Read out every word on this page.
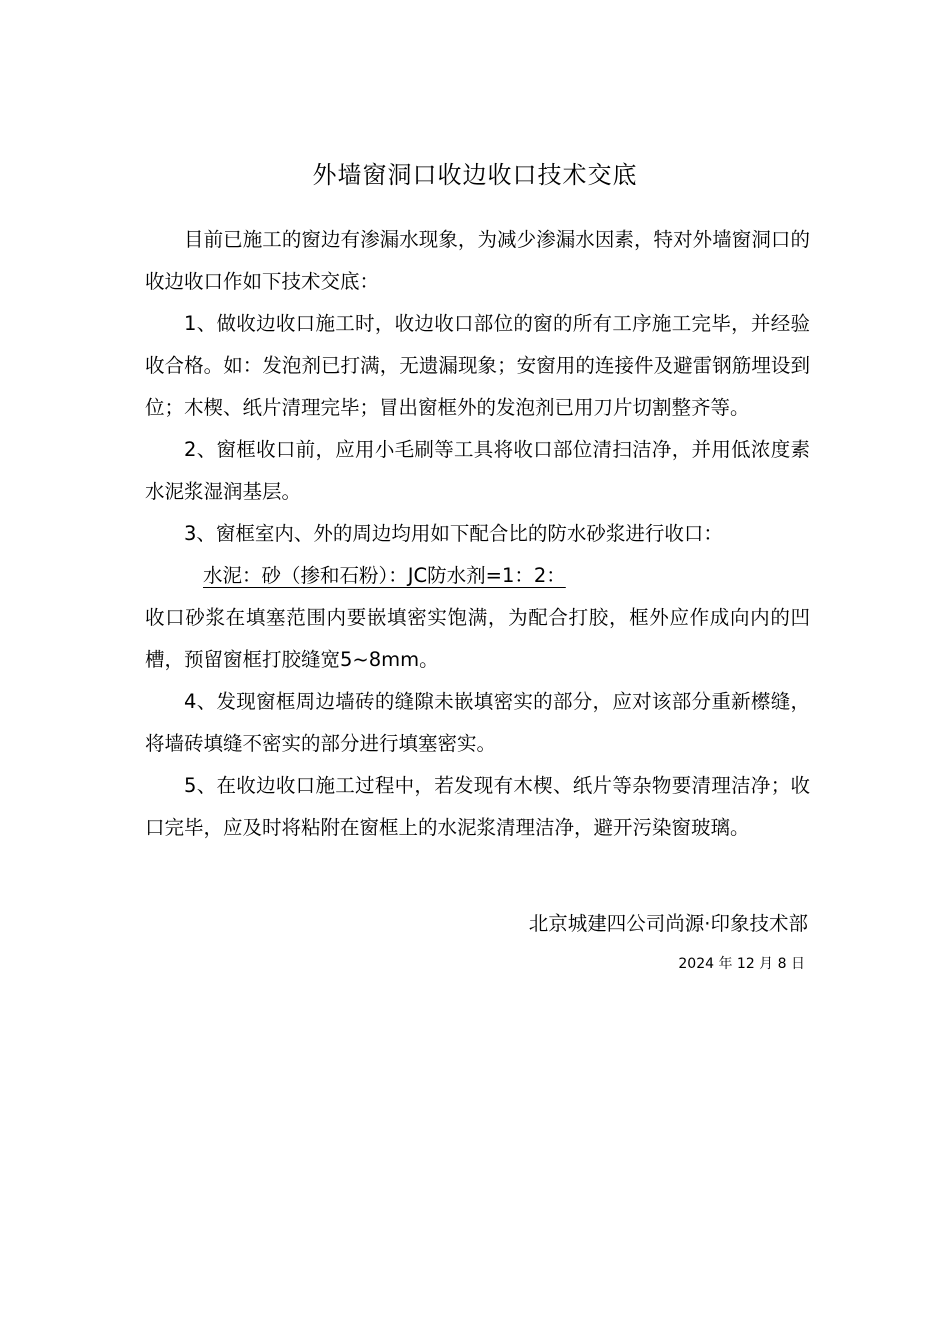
外墙窗洞口收边收口技术交底

目前已施工的窗边有渗漏水现象，为减少渗漏水因素，特对外墙窗洞口的收边收口作如下技术交底：

1、做收边收口施工时，收边收口部位的窗的所有工序施工完毕，并经验收合格。如：发泡剂已打满，无遗漏现象；安窗用的连接件及避雷钢筋埋设到位；木楔、纸片清理完毕；冒出窗框外的发泡剂已用刀片切割整齐等。

2、窗框收口前，应用小毛刷等工具将收口部位清扫洁净，并用低浓度素水泥浆湿润基层。

3、窗框室内、外的周边均用如下配合比的防水砂浆进行收口：

水泥：砂（掺和石粉）：JC防水剂=1：2：

收口砂浆在填塞范围内要嵌填密实饱满，为配合打胶，框外应作成向内的凹槽，预留窗框打胶缝宽5~8mm。

4、发现窗框周边墙砖的缝隙未嵌填密实的部分，应对该部分重新櫒缝，将墙砖填缝不密实的部分进行填塞密实。

5、在收边收口施工过程中，若发现有木楔、纸片等杂物要清理洁净；收口完毕，应及时将粘附在窗框上的水泥浆清理洁净，避开污染窗玻璃。

北京城建四公司尚源·印象技术部
2024 年 12 月 8 日
